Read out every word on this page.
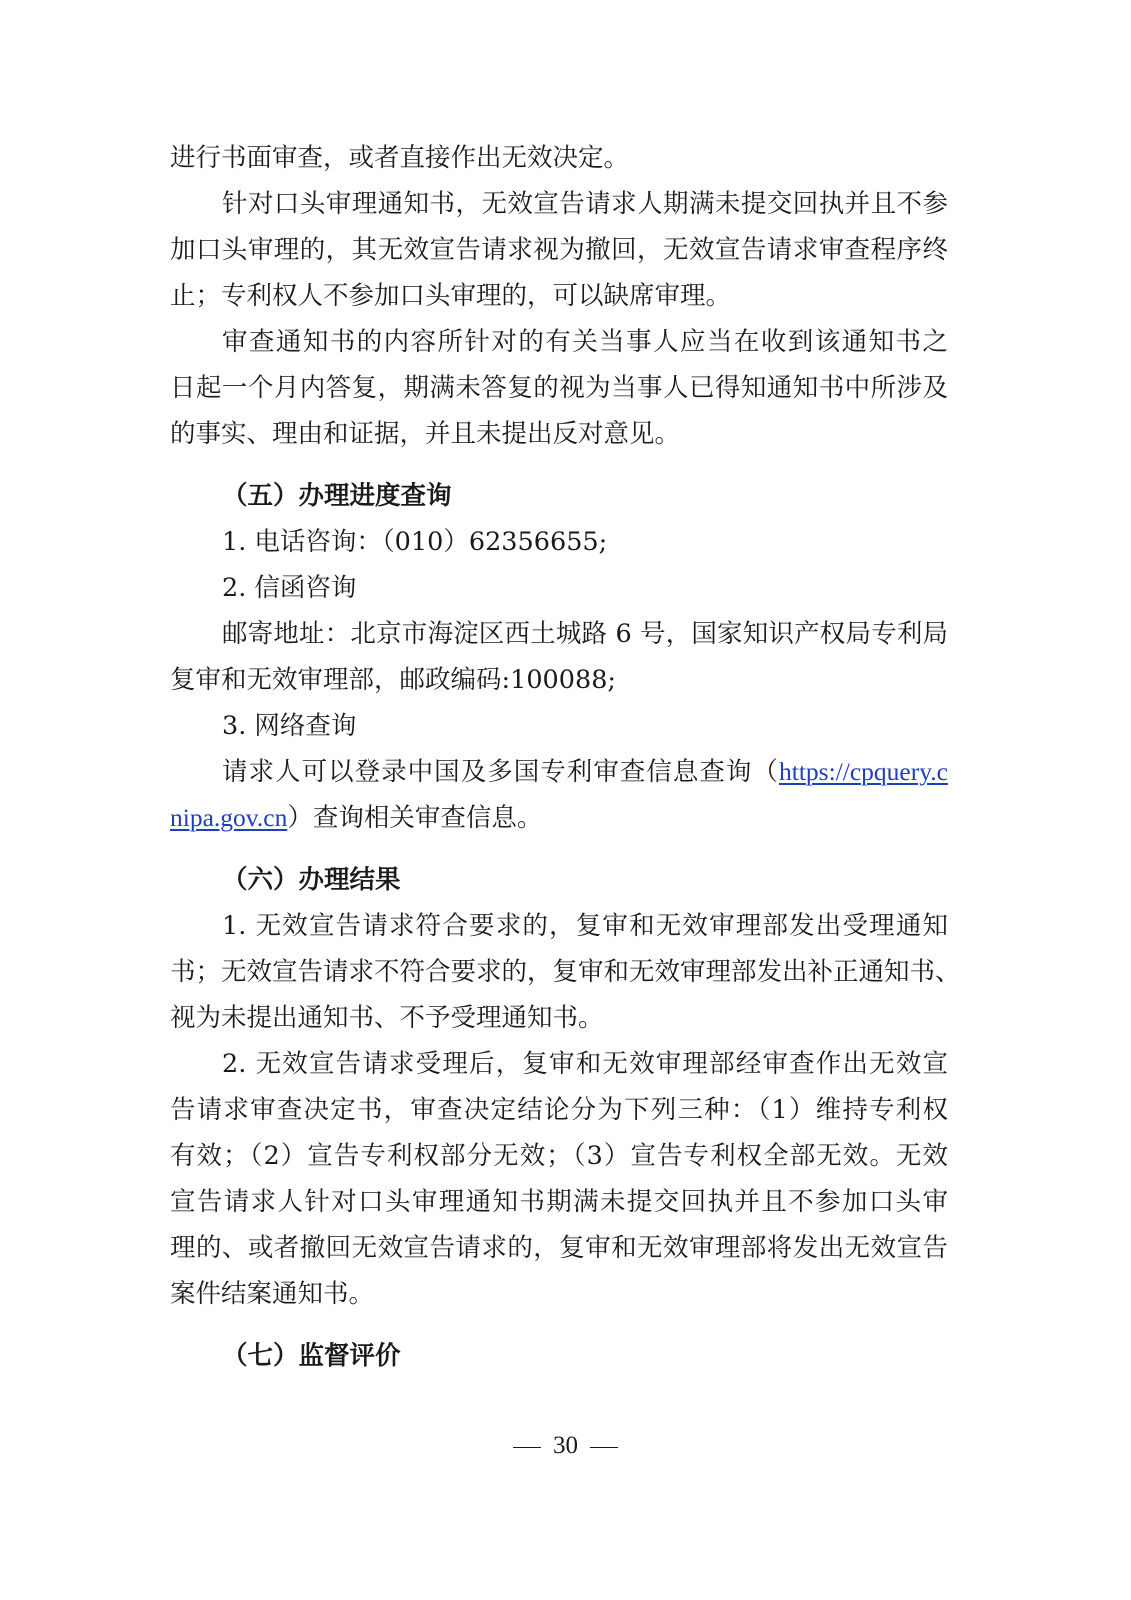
进行书面审查，或者直接作出无效决定。
针对口头审理通知书，无效宣告请求人期满未提交回执并且不参
加口头审理的，其无效宣告请求视为撤回，无效宣告请求审查程序终
止；专利权人不参加口头审理的，可以缺席审理。
审查通知书的内容所针对的有关当事人应当在收到该通知书之
日起一个月内答复，期满未答复的视为当事人已得知通知书中所涉及
的事实、理由和证据，并且未提出反对意见。
（五）办理进度查询
1. 电话咨询：（010）62356655;
2. 信函咨询
邮寄地址：北京市海淀区西土城路 6 号，国家知识产权局专利局
复审和无效审理部，邮政编码:100088;
3. 网络查询
请求人可以登录中国及多国专利审查信息查询（https://cpquery.c
nipa.gov.cn）查询相关审查信息。
（六）办理结果
1. 无效宣告请求符合要求的，复审和无效审理部发出受理通知
书；无效宣告请求不符合要求的，复审和无效审理部发出补正通知书、
视为未提出通知书、不予受理通知书。
2. 无效宣告请求受理后，复审和无效审理部经审查作出无效宣
告请求审查决定书，审查决定结论分为下列三种：（1）维持专利权
有效；（2）宣告专利权部分无效；（3）宣告专利权全部无效。无效
宣告请求人针对口头审理通知书期满未提交回执并且不参加口头审
理的、或者撤回无效宣告请求的，复审和无效审理部将发出无效宣告
案件结案通知书。
（七）监督评价
30
